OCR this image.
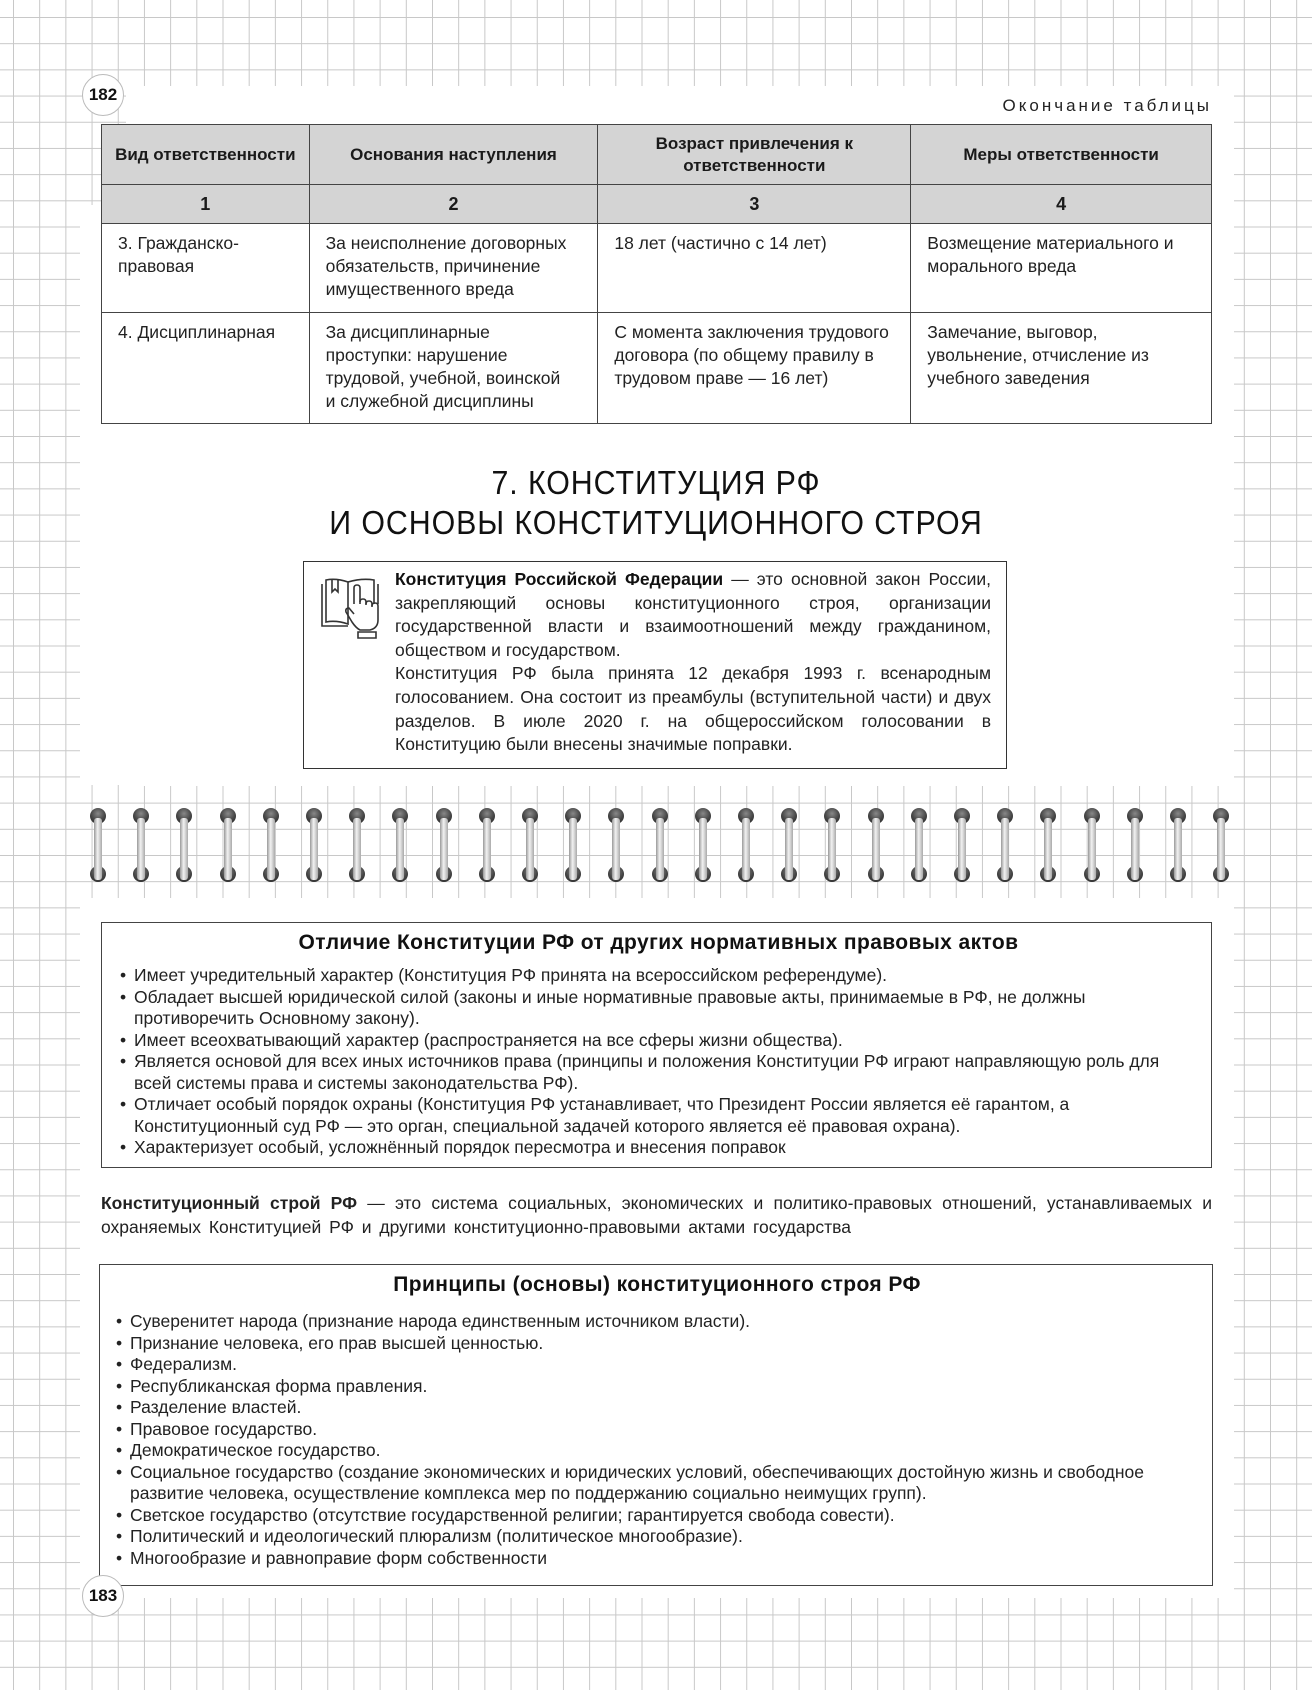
182
Окончание таблицы
Вид ответственности	Основания наступления	Возраст привлечения к ответственности	Меры ответственности
1	2	3	4

3. Гражданско-правовая	За неисполнение договорных обязательств, причинение имущественного вреда	18 лет (частично с 14 лет)	Возмещение материального и морального вреда
4. Дисциплинарная	За дисциплинарные проступки: нарушение трудовой, учебной, воинской и служебной дисциплины	С момента заключения трудового договора (по общему правилу в трудовом праве — 16 лет)	Замечание, выговор, увольнение, отчисление из учебного заведения
7. КОНСТИТУЦИЯ РФ
И ОСНОВЫ КОНСТИТУЦИОННОГО СТРОЯ
Конституция Российской Федерации — это основной закон России, закрепляющий основы конституционного строя, организации государственной власти и взаимоотношений между гражданином, обществом и государством.
Конституция РФ была принята 12 декабря 1993 г. всенародным голосованием. Она состоит из преамбулы (вступительной части) и двух разделов. В июле 2020 г. на общероссийском голосовании в Конституцию были внесены значимые поправки.
Отличие Конституции РФ от других нормативных правовых актов
• Имеет учредительный характер (Конституция РФ принята на всероссийском референдуме).
• Обладает высшей юридической силой (законы и иные нормативные правовые акты, принимаемые в РФ, не должны противоречить Основному закону).
• Имеет всеохватывающий характер (распространяется на все сферы жизни общества).
• Является основой для всех иных источников права (принципы и положения Конституции РФ играют направляющую роль для всей системы права и системы законодательства РФ).
• Отличает особый порядок охраны (Конституция РФ устанавливает, что Президент России является её гарантом, а Конституционный суд РФ — это орган, специальной задачей которого является её правовая охрана).
• Характеризует особый, усложнённый порядок пересмотра и внесения поправок
Конституционный строй РФ — это система социальных, экономических и политико-правовых отношений, устанавливаемых и охраняемых Конституцией РФ и другими конституционно-правовыми актами государства
Принципы (основы) конституционного строя РФ
• Суверенитет народа (признание народа единственным источником власти).
• Признание человека, его прав высшей ценностью.
• Федерализм.
• Республиканская форма правления.
• Разделение властей.
• Правовое государство.
• Демократическое государство.
• Социальное государство (создание экономических и юридических условий, обеспечивающих достойную жизнь и свободное развитие человека, осуществление комплекса мер по поддержанию социально неимущих групп).
• Светское государство (отсутствие государственной религии; гарантируется свобода совести).
• Политический и идеологический плюрализм (политическое многообразие).
• Многообразие и равноправие форм собственности
183
